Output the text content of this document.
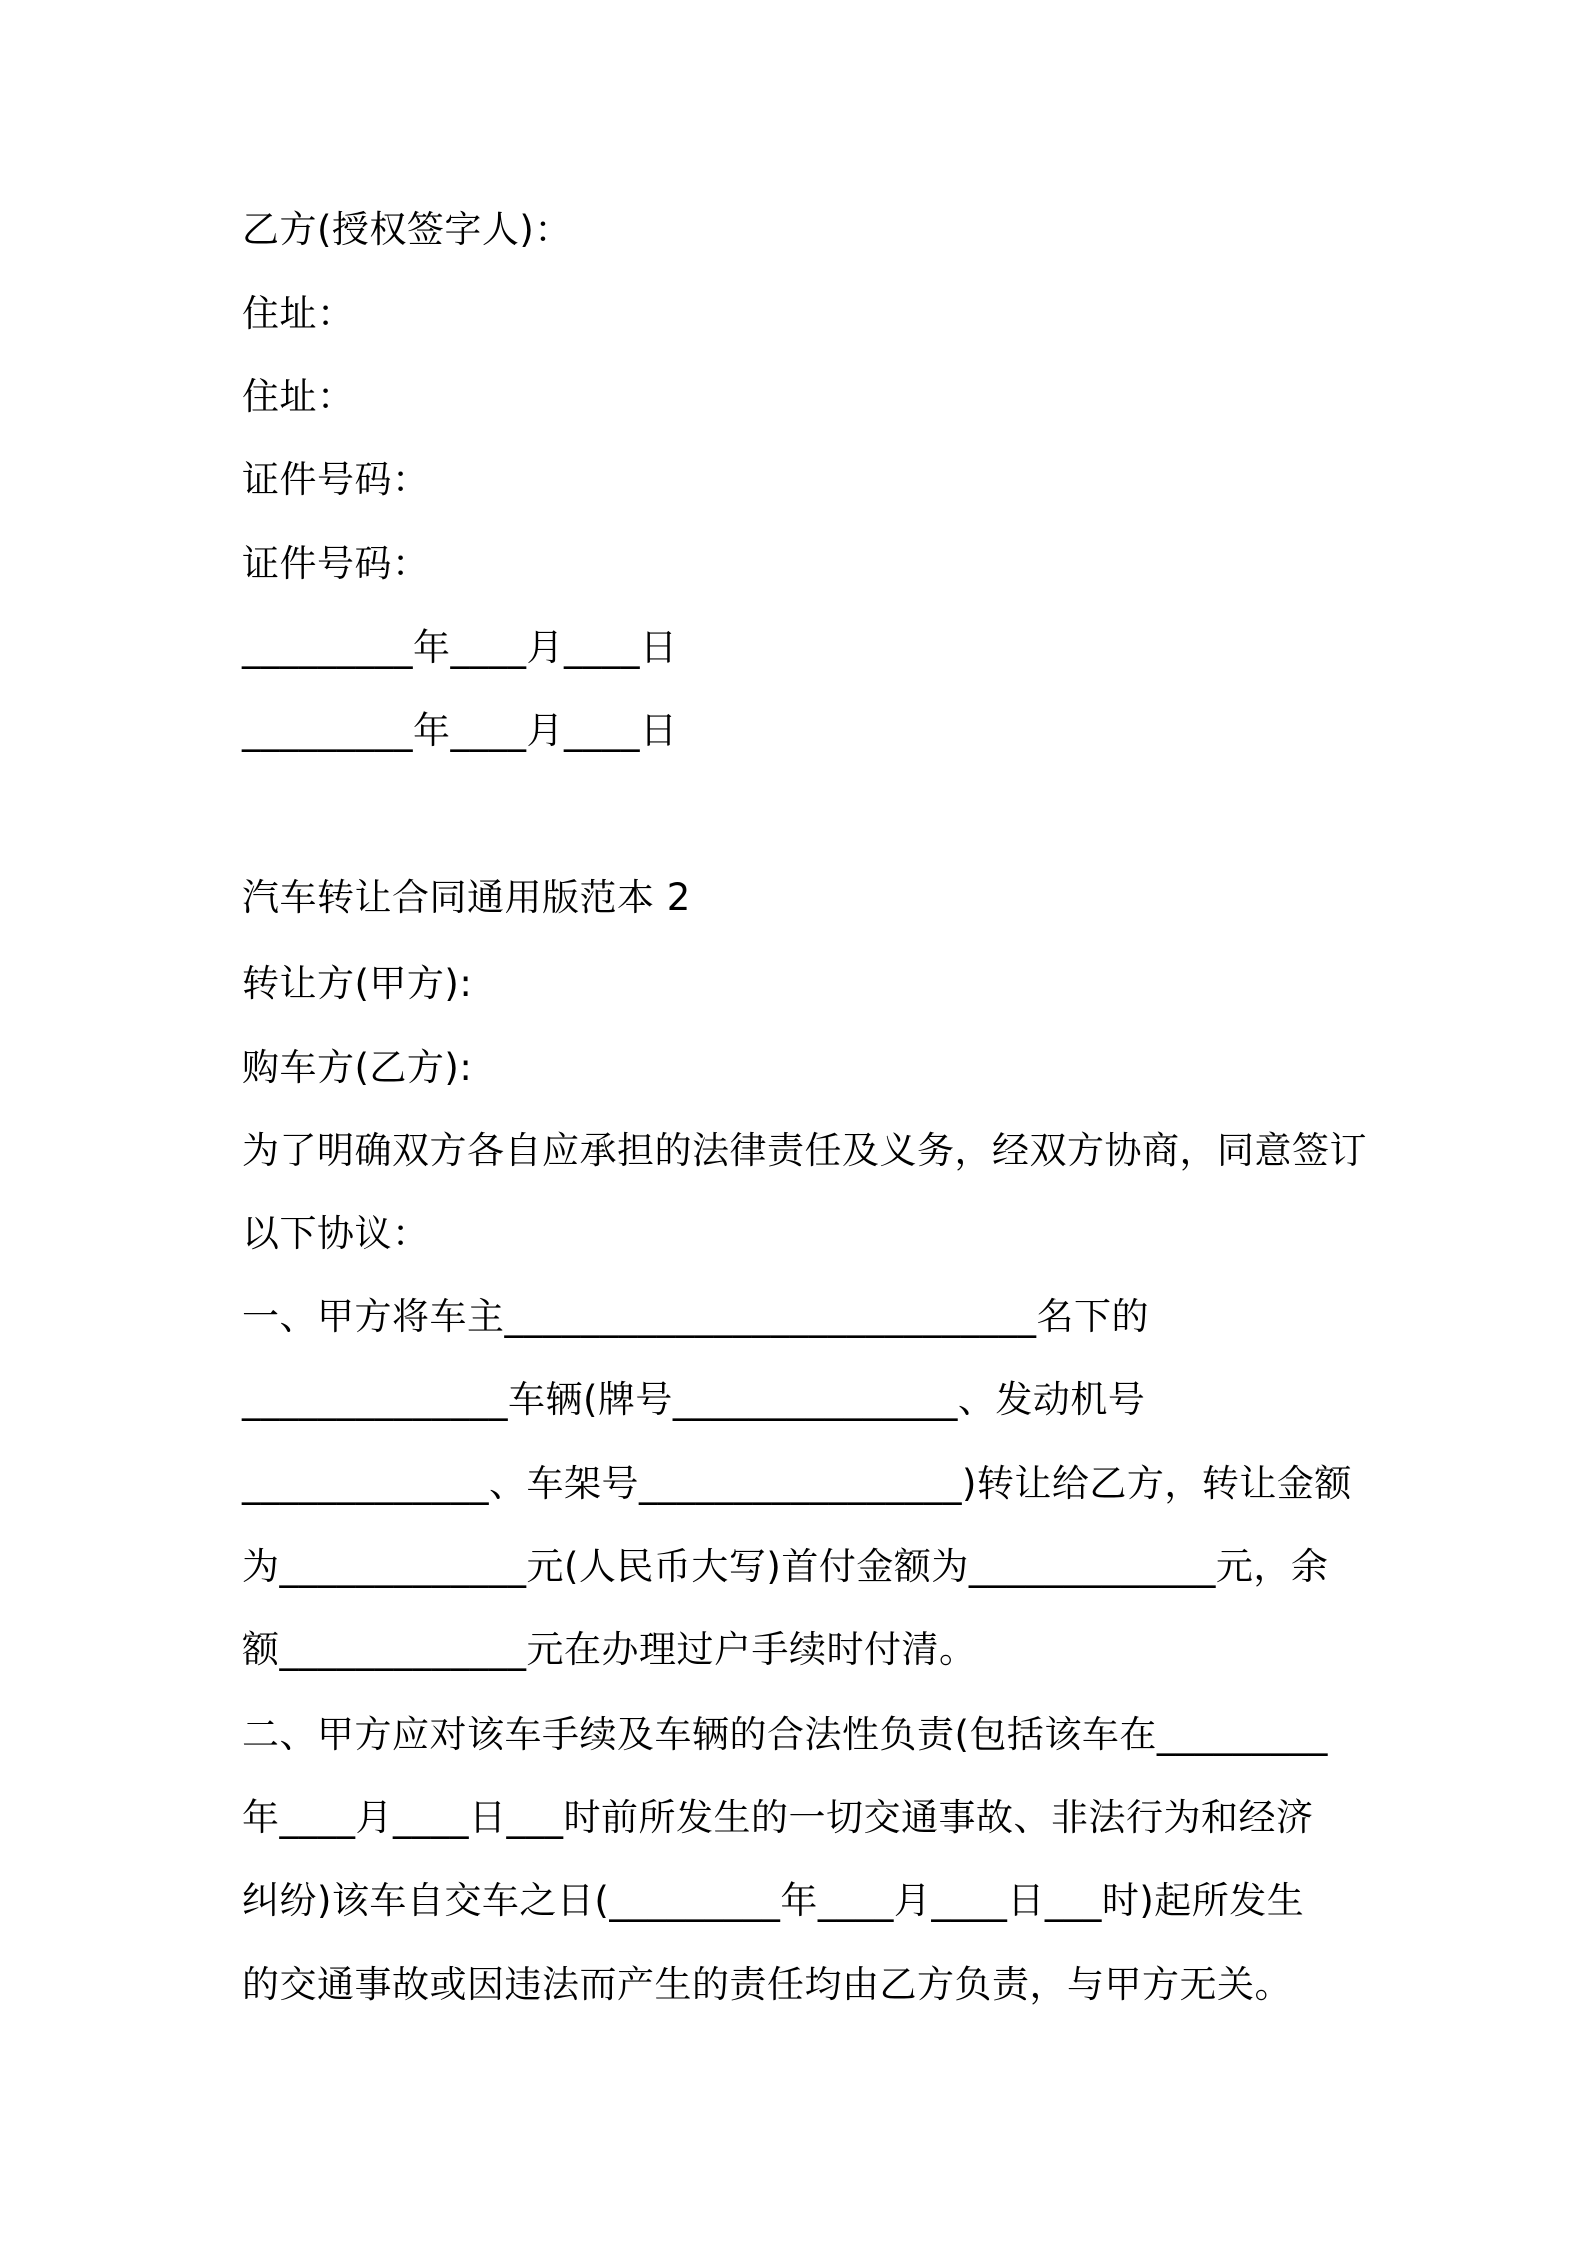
乙方(授权签字人)：
住址：
住址：
证件号码：
证件号码：
_________年____月____日
_________年____月____日
汽车转让合同通用版范本 2
转让方(甲方):
购车方(乙方):
为了明确双方各自应承担的法律责任及义务，经双方协商，同意签订
以下协议：
一、甲方将车主____________________________名下的
______________车辆(牌号_______________、发动机号
_____________、车架号_________________)转让给乙方，转让金额
为_____________元(人民币大写)首付金额为_____________元，余
额_____________元在办理过户手续时付清。
二、甲方应对该车手续及车辆的合法性负责(包括该车在_________
年____月____日___时前所发生的一切交通事故、非法行为和经济
纠纷)该车自交车之日(_________年____月____日___时)起所发生
的交通事故或因违法而产生的责任均由乙方负责，与甲方无关。
